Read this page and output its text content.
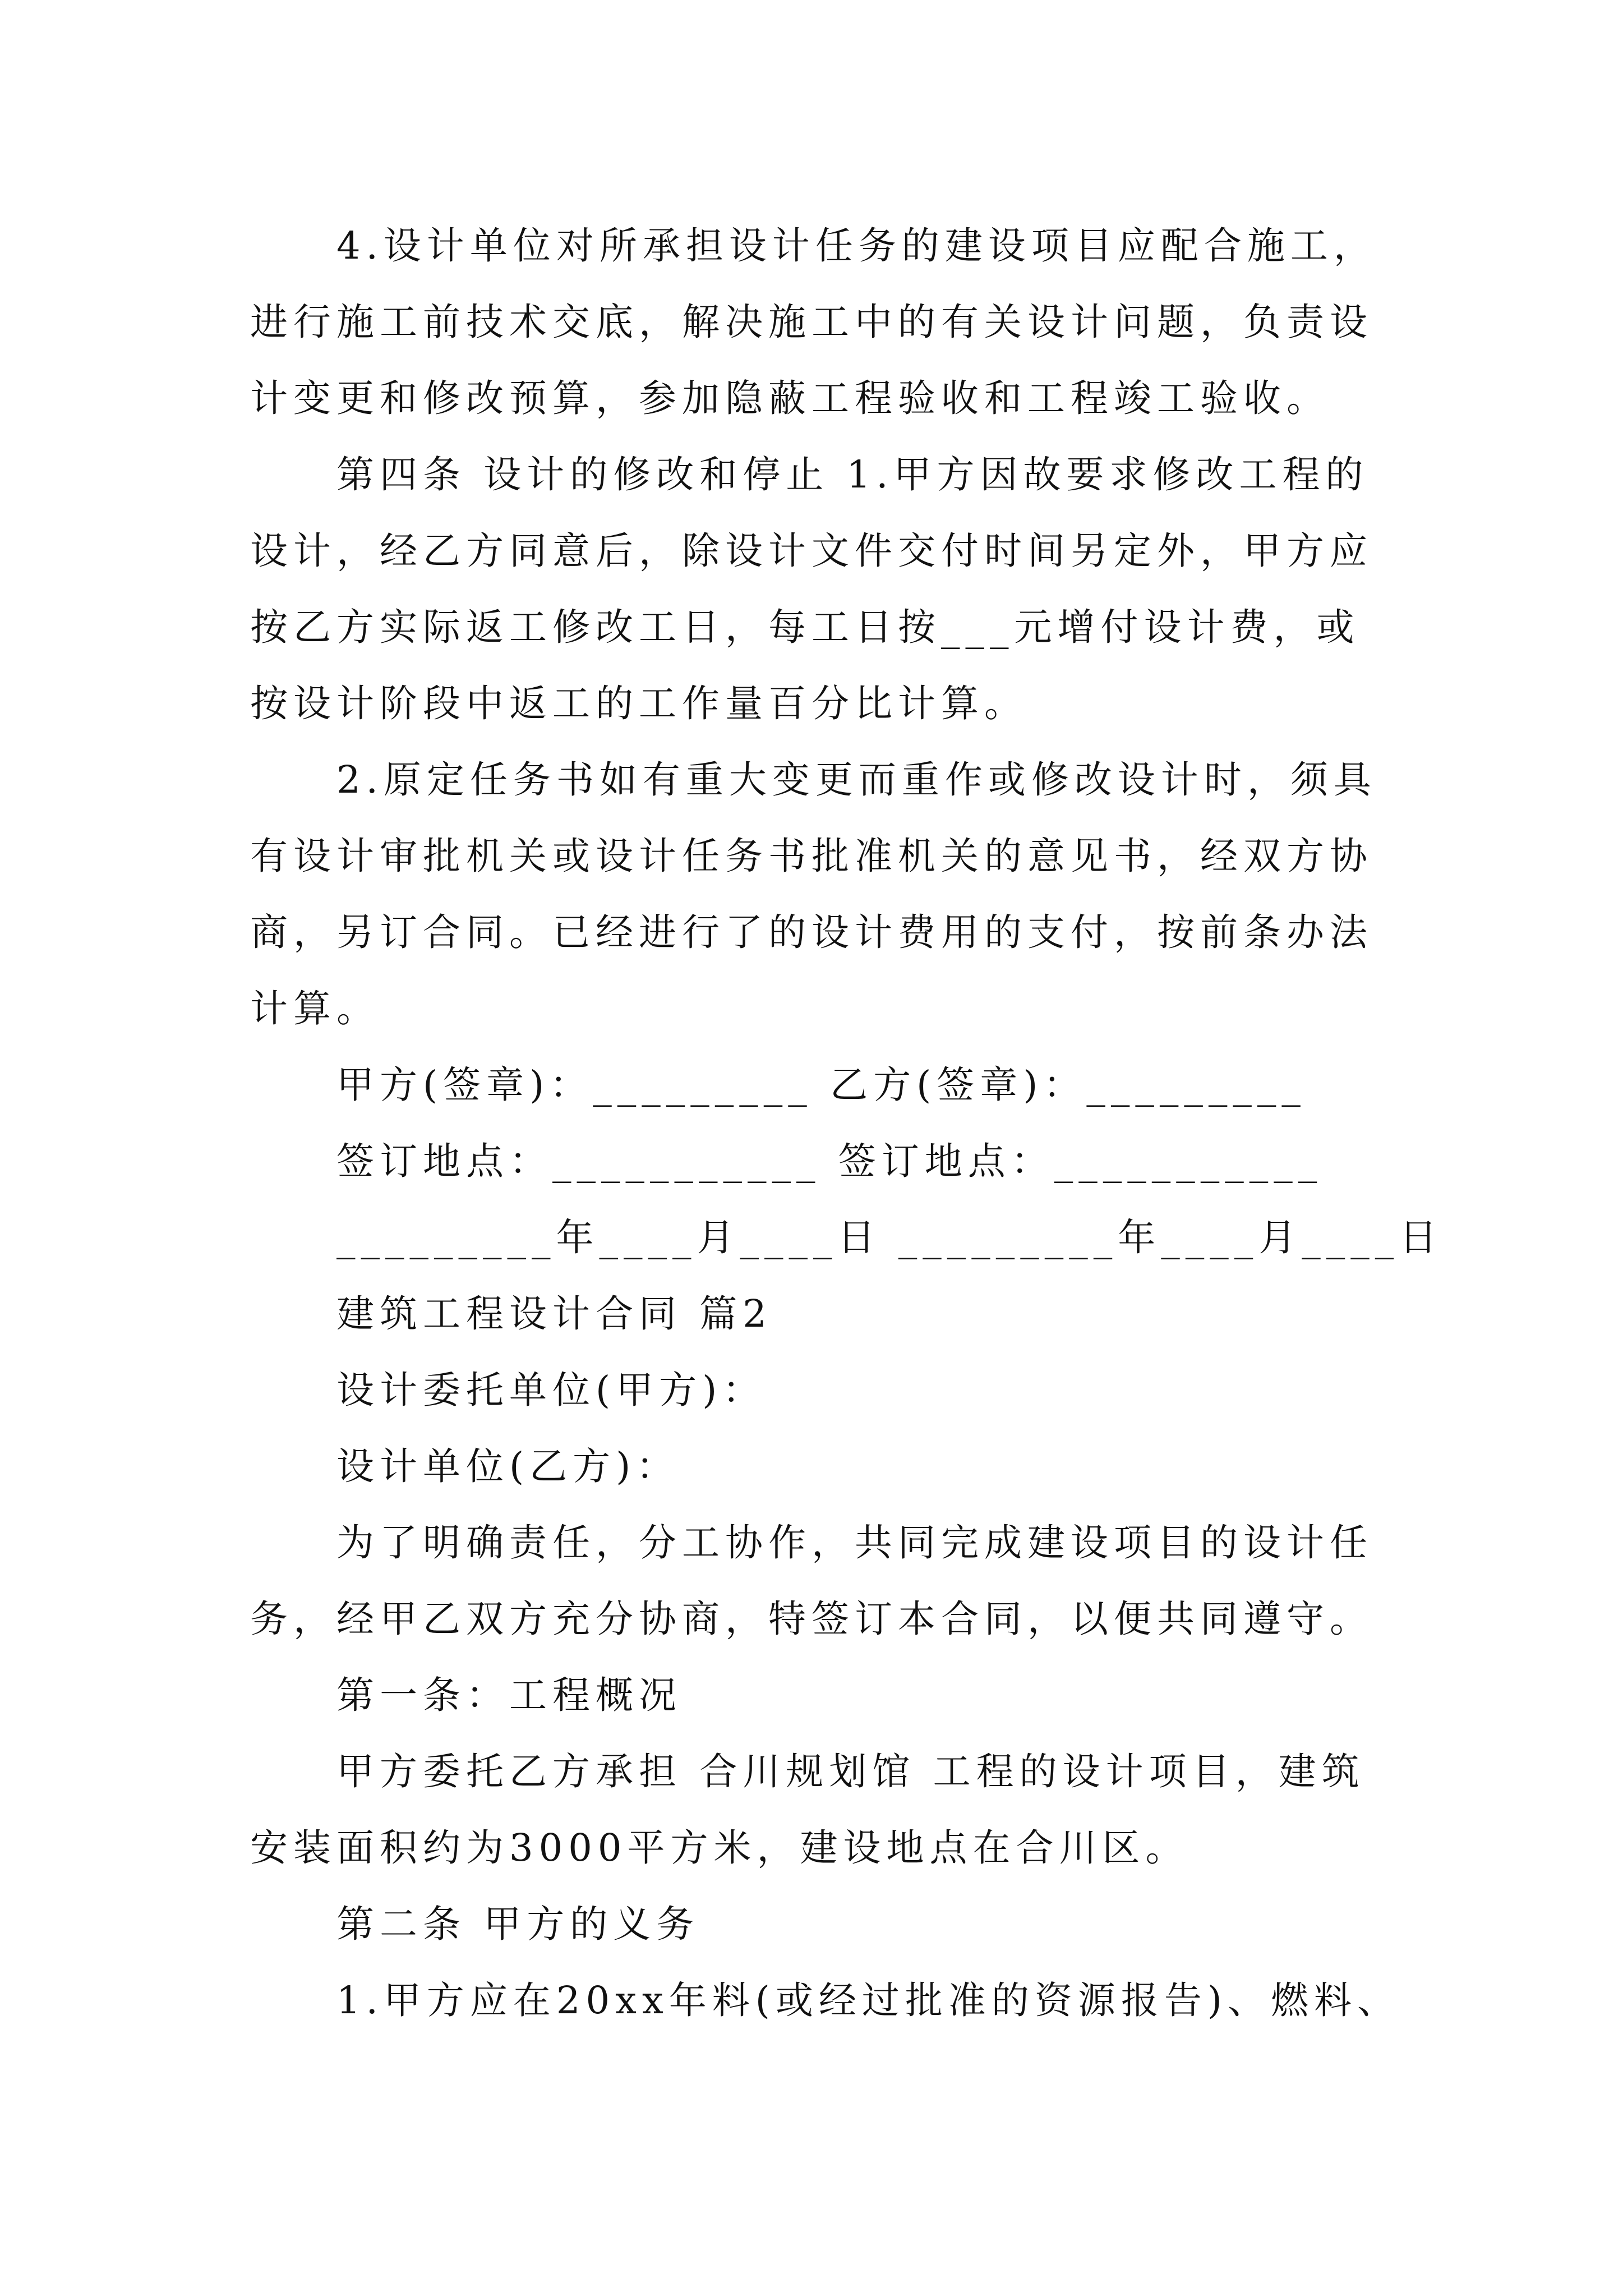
4.设计单位对所承担设计任务的建设项目应配合施工，
进行施工前技术交底，解决施工中的有关设计问题，负责设
计变更和修改预算，参加隐蔽工程验收和工程竣工验收。
第四条 设计的修改和停止 1.甲方因故要求修改工程的
设计，经乙方同意后，除设计文件交付时间另定外，甲方应
按乙方实际返工修改工日，每工日按___元增付设计费，或
按设计阶段中返工的工作量百分比计算。
2.原定任务书如有重大变更而重作或修改设计时，须具
有设计审批机关或设计任务书批准机关的意见书，经双方协
商，另订合同。已经进行了的设计费用的支付，按前条办法
计算。
甲方(签章)：_________ 乙方(签章)：_________
签订地点：___________ 签订地点：___________
_________年____月____日 _________年____月____日
建筑工程设计合同 篇2
设计委托单位(甲方)：
设计单位(乙方)：
为了明确责任，分工协作，共同完成建设项目的设计任
务，经甲乙双方充分协商，特签订本合同，以便共同遵守。
第一条：工程概况
甲方委托乙方承担 合川规划馆 工程的设计项目，建筑
安装面积约为3000平方米，建设地点在合川区。
第二条 甲方的义务
1.甲方应在20xx年料(或经过批准的资源报告)、燃料、
